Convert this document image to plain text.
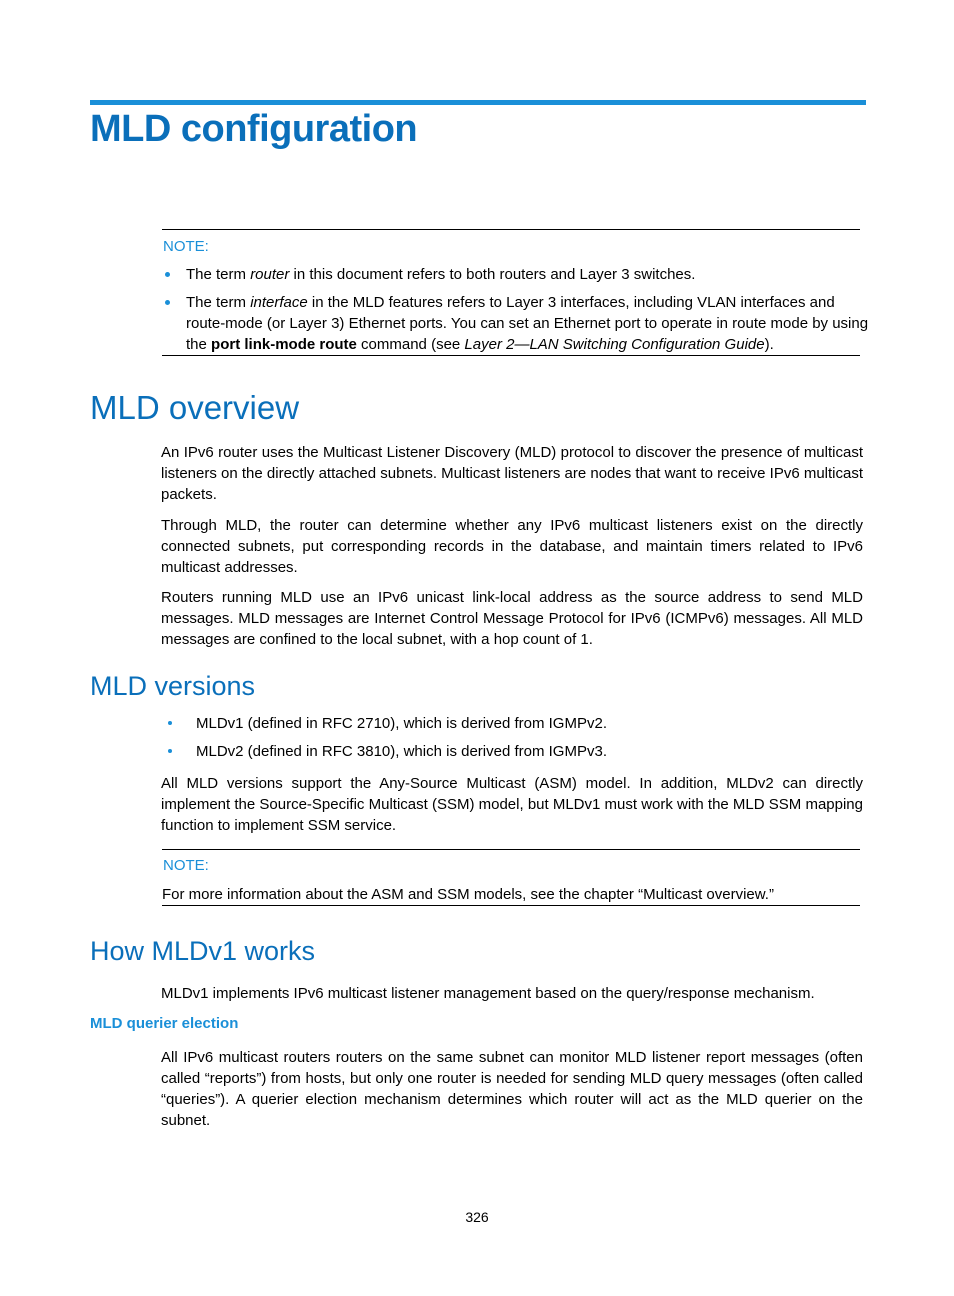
MLD configuration
NOTE:
The term router in this document refers to both routers and Layer 3 switches.
The term interface in the MLD features refers to Layer 3 interfaces, including VLAN interfaces and
route-mode (or Layer 3) Ethernet ports. You can set an Ethernet port to operate in route mode by using
the port link-mode route command (see Layer 2—LAN Switching Configuration Guide).
MLD overview
An IPv6 router uses the Multicast Listener Discovery (MLD) protocol to discover the presence of multicast listeners on the directly attached subnets. Multicast listeners are nodes that want to receive IPv6 multicast packets.
Through MLD, the router can determine whether any IPv6 multicast listeners exist on the directly connected subnets, put corresponding records in the database, and maintain timers related to IPv6 multicast addresses.
Routers running MLD use an IPv6 unicast link-local address as the source address to send MLD messages. MLD messages are Internet Control Message Protocol for IPv6 (ICMPv6) messages. All MLD messages are confined to the local subnet, with a hop count of 1.
MLD versions
MLDv1 (defined in RFC 2710), which is derived from IGMPv2.
MLDv2 (defined in RFC 3810), which is derived from IGMPv3.
All MLD versions support the Any-Source Multicast (ASM) model. In addition, MLDv2 can directly implement the Source-Specific Multicast (SSM) model, but MLDv1 must work with the MLD SSM mapping function to implement SSM service.
NOTE:
For more information about the ASM and SSM models, see the chapter “Multicast overview.”
How MLDv1 works
MLDv1 implements IPv6 multicast listener management based on the query/response mechanism.
MLD querier election
All IPv6 multicast routers routers on the same subnet can monitor MLD listener report messages (often called “reports”) from hosts, but only one router is needed for sending MLD query messages (often called “queries”). A querier election mechanism determines which router will act as the MLD querier on the subnet.
326
